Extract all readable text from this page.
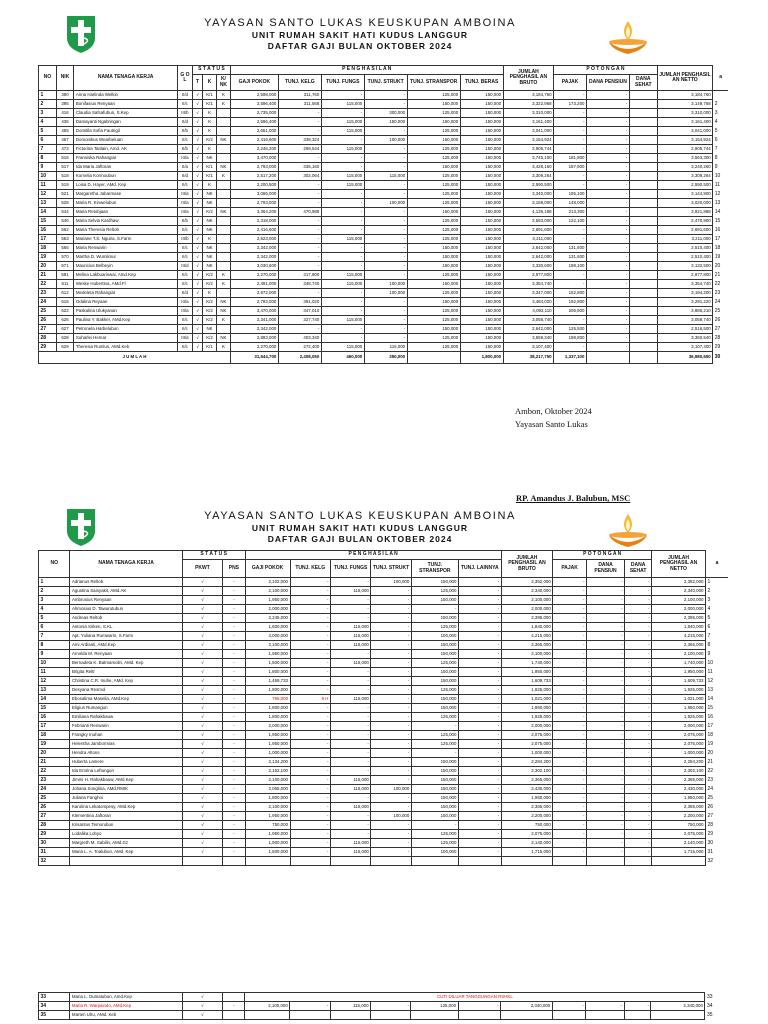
YAYASAN SANTO LUKAS KEUSKUPAN AMBOINA
UNIT RUMAH SAKIT HATI KUDUS LANGGUR
DAFTAR GAJI BULAN OKTOBER 2024
NO	NIK	NAMA TENAGA KERJA	G O L	S T A T U S			P E N G H A S I L A N						JUMLAH PENGHASIL AN BRUTO	P O T O N G A N			JUMLAH PENGHASIL AN NETTO	a
				T	K	K/ NK	GAJI POKOK	TUNJ. KELG	TUNJ. FUNGS	TUNJ. STRUKT	TUNJ. STRANSPOR	TUNJ. BERAS		PAJAK	DANA PENSIUN	DANA SEHAT		
1	390	Anna Harlinda Welkin	II/d	√	K/1	K	2,598,000	311,760	-	-	125,000	150,000	3,184,760	-	-		3,184,760	
2	395	Bonifasius Renyaan	II/c	√	K/1	K	2,596,400	311,568	115,000	-	150,000	150,000	3,322,968	173,200	-		3,149,768	2
3	416	Claudia Safsafubun, S.Kep	III/b	√	K		2,735,000	-	-	300,000	125,000	150,000	3,310,000	-	-		3,310,000	3
4	436	Damayanti Ngabringan	II/d	√	K		2,596,400	-	115,000	150,000	150,000	150,000	3,161,400	-	-		3,161,400	4
5	455	Domitila Sofia Fautngil	II/b	√	K		2,651,000	-	115,000	-	125,000	150,000	3,041,000	-	-		3,041,000	5
6	467	Domonikus Wearbeluan	II/c	√	K/2	NK	2,416,600	338,324	-	100,000	150,000	150,000	3,154,924	-	-		3,154,924	6
7	473	Fictorina Tanlain, Amd. AK	II/b	√	K		2,246,200	269,544	115,000	-	125,000	150,000	2,905,744	-	-		2,905,744	7
8	516	Fransiska Rahangiar	III/a	√	NK		3,470,000	-	-	-	125,000	150,000	3,745,100	181,800	-		3,563,300	8
9	517	Ida Maria Jaftoran	II/a	√	K/1	NK	2,793,000	335,160	-	-	150,000	150,000	3,428,160	187,900	-		3,240,260	9
10	518	Kornelia Kormoubun	II/d	√	K/1	K	2,517,200	302,064	115,000	115,000	125,000	150,000	3,309,264	-	-		3,309,264	10
11	519	Loisa D. Hayer, AMd. Kep	II/c	√	K		2,200,500	-	115,000	-	125,000	150,000	2,590,500	-	-		2,590,500	11
12	521	Margaretha Jabarmase	III/a	√	NK		3,065,000	-	-	-	125,000	150,000	3,340,000	195,100	-		3,144,900	12
13	528	Maria R. Kinwelubun	III/a	√	NK		2,793,000	-	-	100,000	125,000	150,000	3,168,000	148,000	-		3,020,000	13
14	544	Maria Retobjaan	III/a	√	K/2	NK	3,364,200	470,988	-	-	150,000	150,000	4,135,188	213,300	-		3,921,888	14
15	546	Maria Selvia Kardhaw	II/b	√	NK		2,318,000	-	-	-	125,000	150,000	2,593,000	122,100	-		2,470,900	15
16	562	Maria Theresia Reltob	II/c	√	NK		2,416,600	-	-	-	125,000	150,000	2,691,600	-	-		2,691,600	16
17	563	Mariane T.S. Nguira, S.Farm	III/b	√	K		2,823,000	-	115,000	-	125,000	150,000	3,211,000	-	-		3,211,000	17
18	565	Maria Renwarin	II/c	√	NK		2,342,000	-	-	-	150,000	150,000	2,642,000	131,600	-		2,510,400	18
19	570	Martha D. Wumlimur	II/c	√	NK		2,342,000	-	-	-	150,000	150,000	2,642,000	131,600	-		2,510,400	19
20	571	Mauricius Belbeyin	III/d	√	NK		3,030,600	-	-	-	150,000	150,000	3,330,600	198,100	-		3,132,500	20
21	581	Melina Lakbuariswai, Amd.Kep	II/c	√	K/2	K	2,270,000	317,800	115,000	-	125,000	150,000	2,977,800	-	-		2,977,800	21
22	611	Weske Hubertina, AMd.Fl	II/c	√	K/2	K	2,491,000	348,740	115,000	100,000	150,000	150,000	3,354,740	-	-		3,354,740	22
23	612	Medeleta Rahangiar	II/d	√	K		2,972,000	-	-	100,000	125,000	150,000	3,347,000	152,800	-		3,194,200	23
24	615	Odalina Reyaan	III/a	√	K/2	NK	2,793,000	391,020	-	-	150,000	150,000	3,484,020	192,800	-		3,291,220	24
25	622	Paskalina Ulukyanan	III/a	√	K/2	NK	3,470,000	347,010	-	-	125,000	150,000	4,092,110	205,900	-		3,886,210	25
26	626	Paulina Y. Bakker, AMd.Kep	II/c	√	K/2	K	2,341,000	327,740	115,000	-	125,000	150,000	3,058,740	-	-		3,058,740	26
27	627	Petronela Harbelubun	II/c	√	NK		2,342,000	-	-	-	150,000	150,000	2,642,000	125,500	-		2,516,500	27
28	628	Suharlei Hemar	III/a	√	K/2	NK	2,883,000	403,340	-	-	125,000	150,000	3,559,340	198,800	-		3,360,540	28
29	629	Theresia Rumlus, AMd.Keb	II/c	√	K/1	K	2,270,000	272,400	115,000	115,000	125,000	150,000	3,107,400	-	-		3,107,400	29
J U M L A H							31,544,700	2,408,050	460,000	350,000		1,800,000	38,217,750	1,337,100			36,980,650	30
Ambon, Oktober 2024
Yayasan Santo Lukas
RP. Amandus J. Balubun, MSC
YAYASAN SANTO LUKAS KEUSKUPAN AMBOINA
UNIT RUMAH SAKIT HATI KUDUS LANGGUR
DAFTAR GAJI BULAN OKTOBER 2024
NO	NAMA TENAGA KERJA	S T A T U S		P E N G H A S I L A N						JUMLAH PENGHASIL AN BRUTO	P O T O N G A N			JUMLAH PENGHASIL AN NETTO	a
		PKWT	PNS	GAJI POKOK	TUNJ. KELG	TUNJ. FUNGS	TUNJ. STRUKT	TUNJ. STRANSPOR	TUNJ. LAINNYA		PAJAK	DANA PENSIUN	DANA SEHAT		
1	Adrianus Reltob	√	-	2,102,000	-	-	100,000	150,000	-	2,352,000	-	-	-	2,352,000	1
2	Agustina Sainyakit, AMd.AK	√	-	2,100,000	-	115,000	-	125,000	-	2,340,000	-	-	-	2,340,000	2
3	Ambrosius Renyaan	√	-	1,950,000	-	-	-	150,000	-	2,100,000	-	-	-	2,100,000	3
4	Ahmosius D. Tawurutubun	√	-	2,000,000	-	-	-	-	-	2,000,000	-	-	-	2,000,000	4
5	Andreas Reltob	√	-	2,245,000	-	-	-	150,000	-	2,395,000	-	-	-	2,395,000	5
6	Antonia Sirken, S.KL	√	-	1,600,000	-	115,000	-	125,000	-	1,840,000	-	-	-	1,840,000	6
7	Apt. Yuliana Rumwarin, S.Farm	√	-	4,000,000	-	115,000	-	100,000	-	4,215,000	-	-	-	4,215,000	7
8	Ami Ardianti, AMd.Kep	√	-	2,100,000	-	115,000	-	150,000	-	2,365,000	-	-	-	2,365,000	8
9	Arnolda M. Renyaan	√	-	1,950,000	-	-	-	150,000	-	2,100,000	-	-	-	2,100,000	9
10	Bernadeta K. Batmamolin, AMd. Kep	√	-	1,500,000	-	115,000	-	125,000	-	1,740,000	-	-	-	1,740,000	10
11	Brigita Reltr	√	-	1,800,000	-	-	-	150,000	-	1,950,000	-	-	-	1,950,000	11
12	Christina C.R. Inuhe, AMd. Kep	√	-	1,459,733	-	-	-	150,000	-	1,609,733	-	-	-	1,609,733	12
13	Desyana Resmol	√	-	1,800,000	-	-	-	125,000	-	1,925,000	-	-	-	1,925,000	13
14	Ebosalima Maseila, AMd.Kep	√	-	756,000	9 H	115,000	-	150,000	-	1,021,000	-	-	-	1,021,000	14
15	Eligius Rumangun	√	-	1,800,000	-	-	-	150,000	-	1,950,000	-	-	-	1,950,000	15
16	Emiliana Rahakbauw	√	-	1,800,000	-	-	-	125,000	-	1,925,000	-	-	-	1,925,000	16
17	Febrianti Renwarin	√	-	2,000,000	-	-	-	-	-	2,000,000	-	-	-	2,000,000	17
18	Frangky Inuhan	√	-	1,950,000	-	-	-	125,000	-	2,075,000	-	-	-	2,075,000	18
19	Helentha Jambormias	√	-	1,950,000	-	-	-	125,000	-	2,075,000	-	-	-	2,075,000	19
20	Hendra Altons	√	-	1,000,000	-	-	-	-	-	1,000,000	-	-	-	1,000,000	20
21	Huberta Lamere	√	-	2,134,200	-	-	-	150,000	-	2,284,200	-	-	-	2,284,200	21
22	Ida Emrina Leftungun	√	-	2,152,100	-	-	-	150,000	-	2,302,100	-	-	-	2,302,100	22
23	Jimmi H. Rahakbauw, AMd.Kep	√	-	2,100,000	-	115,000	-	150,000	-	2,365,000	-	-	-	2,365,000	23
24	Johana Songlina, AMd.RMIK	√	-	2,065,000	-	115,000	100,000	150,000	-	2,430,000	-	-	-	2,430,000	24
25	Juliana Fanghoi	√	-	1,800,000	-	-	-	150,000	-	1,950,000	-	-	-	1,950,000	25
26	Karolina Lekatompesy, AMd.Kep	√	-	2,100,000	-	115,000	-	150,000	-	2,365,000	-	-	-	2,365,000	26
27	Klementina Jaftoran	√	-	1,950,000	-	-	100,000	150,000	-	2,200,000	-	-	-	2,200,000	27
28	Krisantus Temorubun	√	-	750,000	-	-	-	-	-	750,000	-	-	-	750,000	28
29	Lodalika Lobyo	√	-	1,950,000	-	-	-	125,000	-	2,075,000	-	-	-	2,075,000	29
30	Margreth M. Sabilin, AMd.Gz	√	-	1,900,000	-	115,000	-	125,000	-	2,140,000	-	-	-	2,140,000	30
31	Maria L. A. Toalubun, AMd. Kep	√	-	1,500,000	-	115,000	-	100,000	-	1,715,000	-	-	-	1,715,000	31
32															32
33	Maria L. Dumatubun, Amd.Kep	√		CUTI DILUAR TANGGUNGAN RSHKL											33
34	Maria R. Warpaindo, AMd.Kep	√	-	2,100,000	-	115,000	-	125,000	-	2,340,000	-	-	-	2,340,000	34
35	Marten Ulru, AMd. Keb	√													35
